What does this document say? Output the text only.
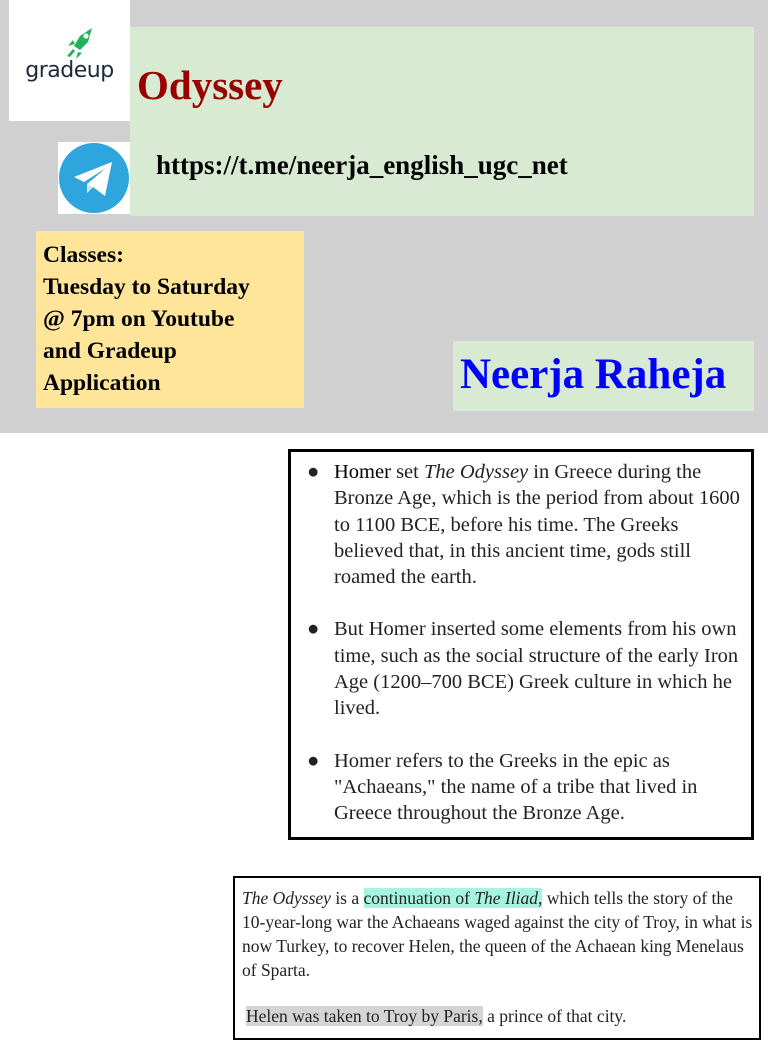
gradeup Odyssey
https://t.me/neerja_english_ugc_net
Classes:
Tuesday to Saturday
@ 7pm on Youtube
and Gradeup
Application	Neerja Raheja
● Homer set The Odyssey in Greece during the Bronze Age, which is the period from about 1600 to 1100 BCE, before his time. The Greeks believed that, in this ancient time, gods still roamed the earth.
● But Homer inserted some elements from his own time, such as the social structure of the early Iron Age (1200–700 BCE) Greek culture in which he lived.
● Homer refers to the Greeks in the epic as "Achaeans," the name of a tribe that lived in Greece throughout the Bronze Age.
The Odyssey is a continuation of The Iliad, which tells the story of the 10-year-long war the Achaeans waged against the city of Troy, in what is now Turkey, to recover Helen, the queen of the Achaean king Menelaus of Sparta.
Helen was taken to Troy by Paris, a prince of that city.
